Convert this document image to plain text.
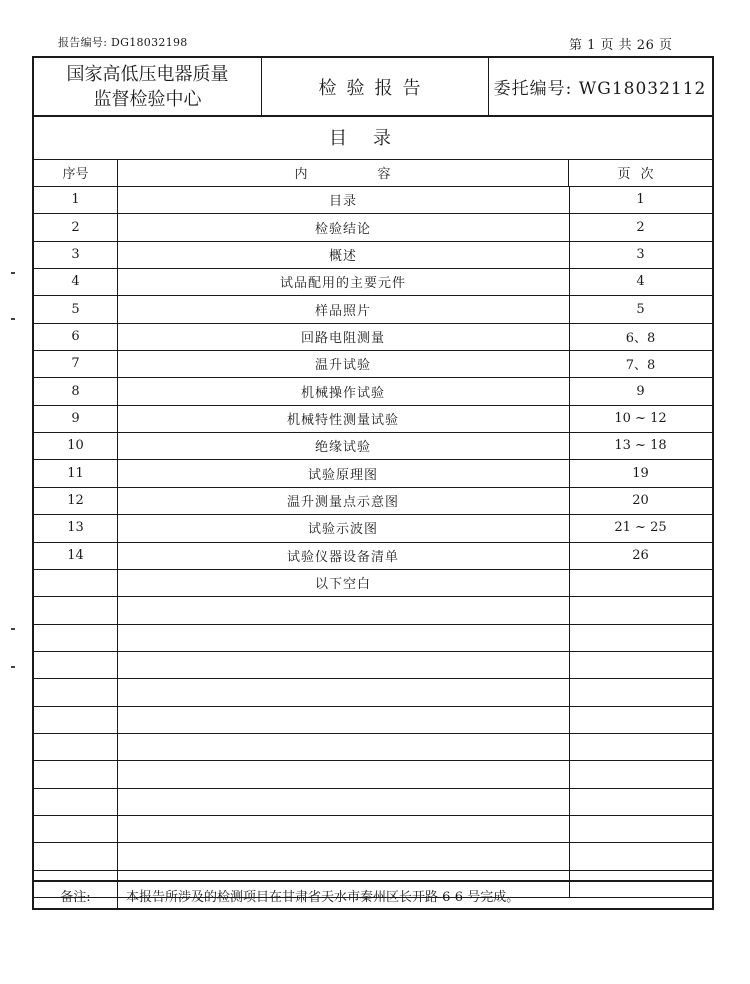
报告编号: DG18032198	第 1 页 共 26 页
国家高低压电器质量
监督检验中心
检验报告	委托编号: WG18032112
目录
序号	内容	页次
1	目录	1
2	检验结论	2
3	概述	3
4	试品配用的主要元件	4
5	样品照片	5
6	回路电阻测量	6、8
7	温升试验	7、8
8	机械操作试验	9
9	机械特性测量试验	10 ~ 12
10	绝缘试验	13 ~ 18
11	试验原理图	19
12	温升测量点示意图	20
13	试验示波图	21 ~ 25
14	试验仪器设备清单	26
以下空白
备注:	本报告所涉及的检测项目在甘肃省天水市秦州区长开路 6-6 号完成。
